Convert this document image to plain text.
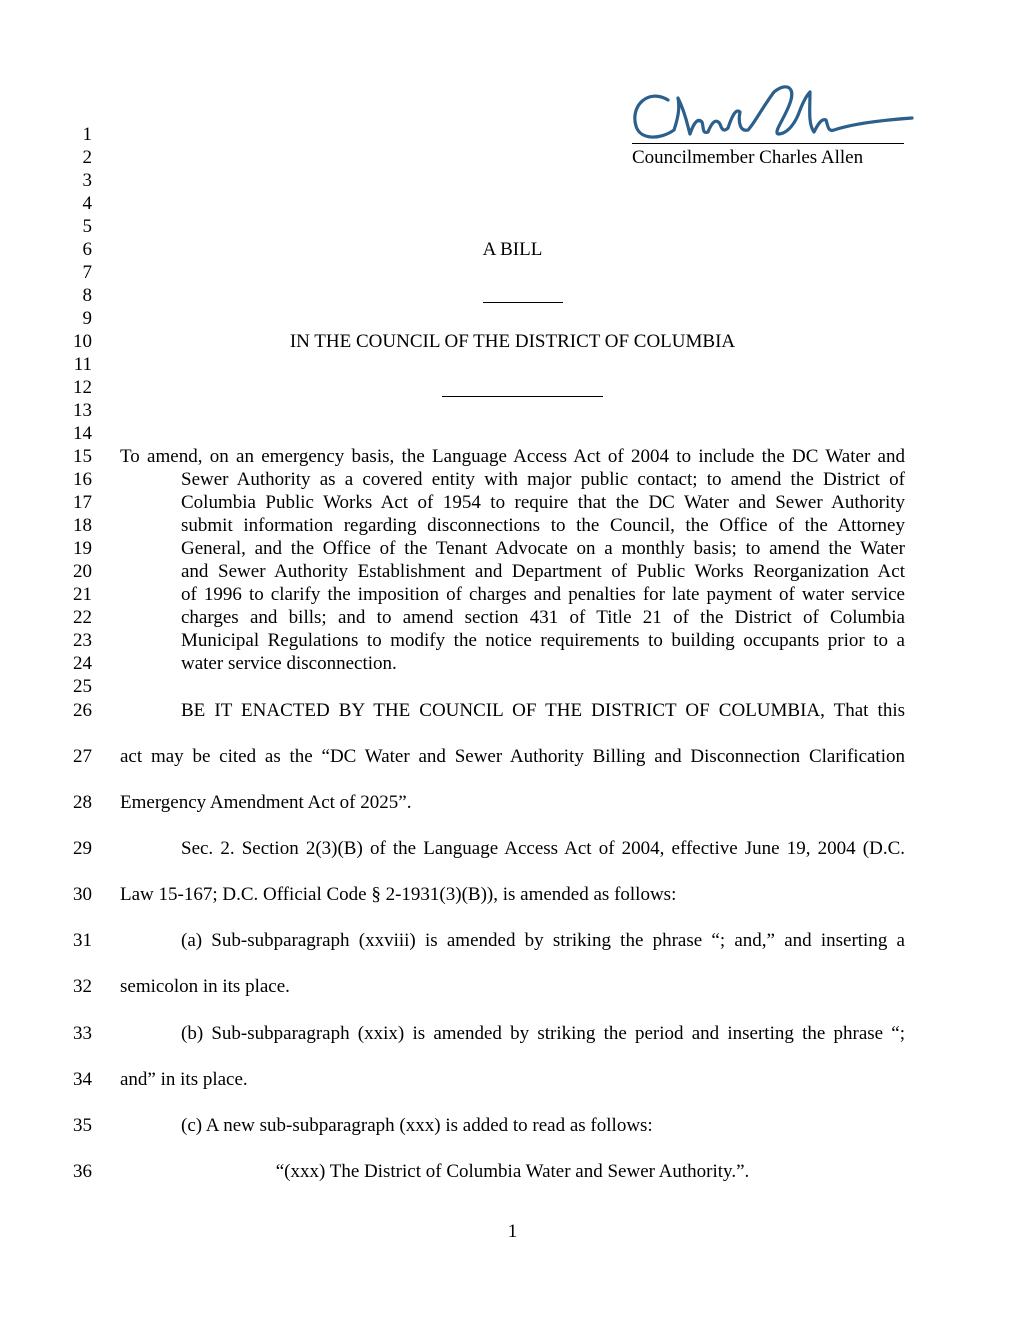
1
2
3
4
5
6
7
8
9
10
11
12
13
14
15
16
17
18
19
20
21
22
23
24
25
26
27
28
29
30
31
32
33
34
35
36
Councilmember Charles Allen
A BILL
IN THE COUNCIL OF THE DISTRICT OF COLUMBIA
To amend, on an emergency basis, the Language Access Act of 2004 to include the DC Water and
Sewer Authority as a covered entity with major public contact; to amend the District of
Columbia Public Works Act of 1954 to require that the DC Water and Sewer Authority
submit information regarding disconnections to the Council, the Office of the Attorney
General, and the Office of the Tenant Advocate on a monthly basis; to amend the Water
and Sewer Authority Establishment and Department of Public Works Reorganization Act
of 1996 to clarify the imposition of charges and penalties for late payment of water service
charges and bills; and to amend section 431 of Title 21 of the District of Columbia
Municipal Regulations to modify the notice requirements to building occupants prior to a
water service disconnection.
BE IT ENACTED BY THE COUNCIL OF THE DISTRICT OF COLUMBIA, That this
act may be cited as the “DC Water and Sewer Authority Billing and Disconnection Clarification
Emergency Amendment Act of 2025”.
Sec. 2. Section 2(3)(B) of the Language Access Act of 2004, effective June 19, 2004 (D.C.
Law 15-167; D.C. Official Code § 2-1931(3)(B)), is amended as follows:
(a) Sub-subparagraph (xxviii) is amended by striking the phrase “; and,” and inserting a
semicolon in its place.
(b) Sub-subparagraph (xxix) is amended by striking the period and inserting the phrase “;
and” in its place.
(c) A new sub-subparagraph (xxx) is added to read as follows:
“(xxx) The District of Columbia Water and Sewer Authority.”.
1
